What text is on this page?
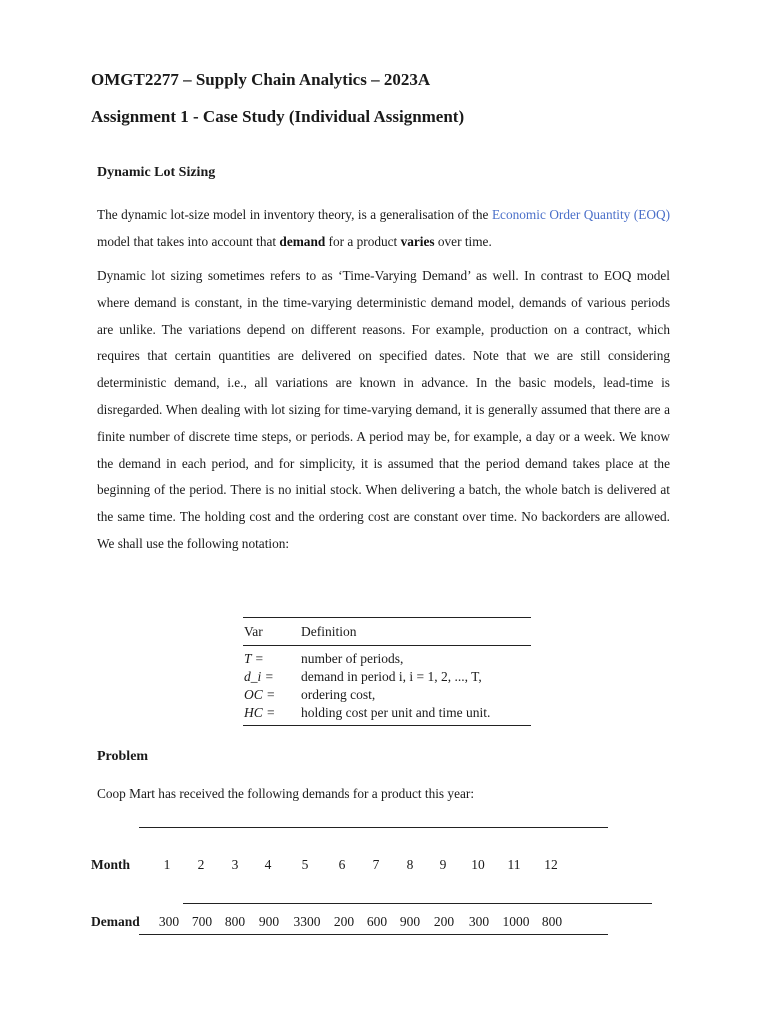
OMGT2277 – Supply Chain Analytics – 2023A
Assignment 1 - Case Study (Individual Assignment)
Dynamic Lot Sizing

The dynamic lot-size model in inventory theory, is a generalisation of the Economic Order Quantity (EOQ) model that takes into account that demand for a product varies over time.

Dynamic lot sizing sometimes refers to as ‘Time-Varying Demand’ as well. In contrast to EOQ model where demand is constant, in the time-varying deterministic demand model, demands of various periods are unlike. The variations depend on different reasons. For example, production on a contract, which requires that certain quantities are delivered on specified dates. Note that we are still considering deterministic demand, i.e., all variations are known in advance. In the basic models, lead-time is disregarded. When dealing with lot sizing for time-varying demand, it is generally assumed that there are a finite number of discrete time steps, or periods. A period may be, for example, a day or a week. We know the demand in each period, and for simplicity, it is assumed that the period demand takes place at the beginning of the period. There is no initial stock. When delivering a batch, the whole batch is delivered at the same time. The holding cost and the ordering cost are constant over time. No backorders are allowed. We shall use the following notation:

Var	Definition
T =	number of periods,
d_i =	demand in period i, i = 1, 2, ..., T,
OC =	ordering cost,
HC =	holding cost per unit and time unit.
Problem

Coop Mart has received the following demands for a product this year:

Month	1	2	3	4	5	6	7	8	9	10	11	12
Demand	300 700 800	900	3300 200 600 900	200	300 1000 800
